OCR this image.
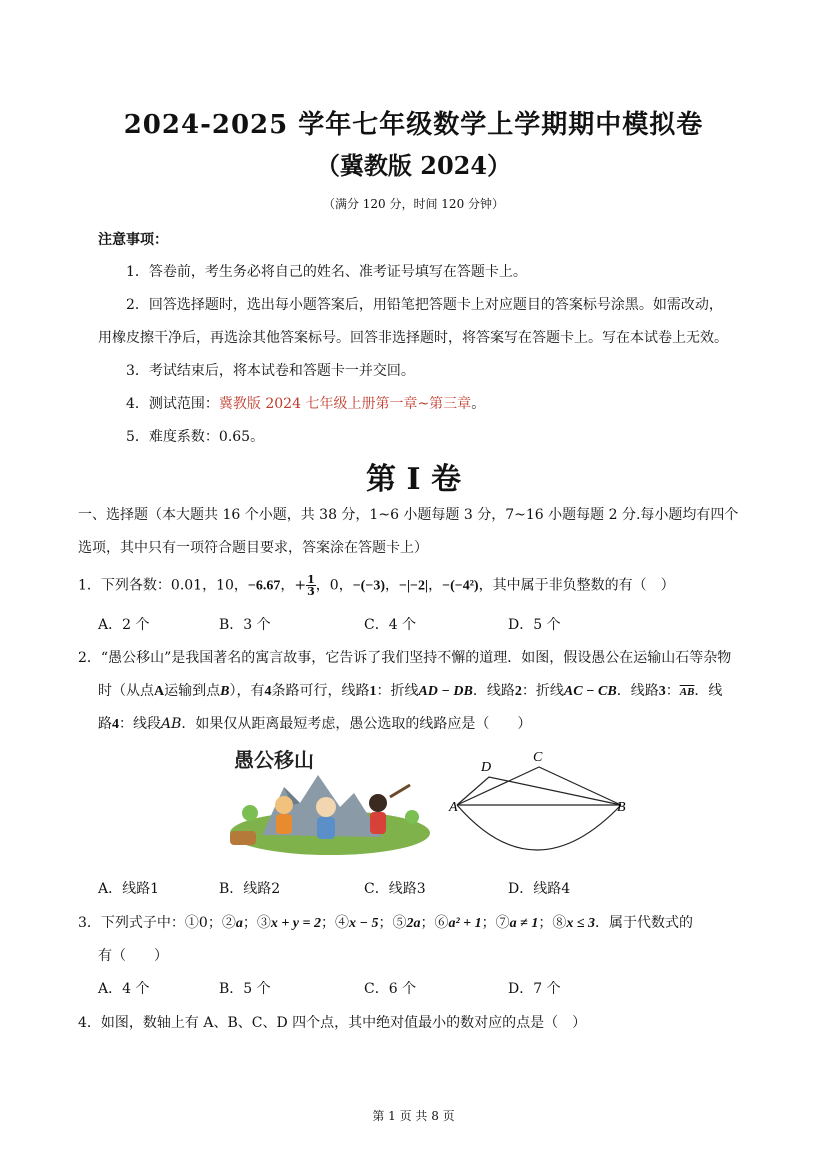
2024-2025 学年七年级数学上学期期中模拟卷
（冀教版 2024）
（满分 120 分，时间 120 分钟）
注意事项：
1．答卷前，考生务必将自己的姓名、准考证号填写在答题卡上。
2．回答选择题时，选出每小题答案后，用铅笔把答题卡上对应题目的答案标号涂黑。如需改动，
用橡皮擦干净后，再选涂其他答案标号。回答非选择题时，将答案写在答题卡上。写在本试卷上无效。
3．考试结束后，将本试卷和答题卡一并交回。
4．测试范围：冀教版 2024 七年级上册第一章~第三章。
5．难度系数：0.65。
第 I 卷
一、选择题（本大题共 16 个小题，共 38 分，1~6 小题每题 3 分，7~16 小题每题 2 分.每小题均有四个
选项，其中只有一项符合题目要求，答案涂在答题卡上）
1．下列各数：0.01，10，−6.67，+ $\frac{1}{3}$ ，0，−(−3)，−|−2|，−(−4²)，其中属于非负整数的有（　）
A．2 个	B．3 个	C．4 个	D．5 个
2．“愚公移山”是我国著名的寓言故事，它告诉了我们坚持不懈的道理．如图，假设愚公在运输山石等杂物
时（从点A运输到点B），有4条路可行，线路1：折线AD − DB．线路2：折线AC − CB．线路3：$\overline{AB}$．线
路4：线段AB．如果仅从距离最短考虑，愚公选取的线路应是（　　）
愚公移山
A	B
C
D
A．线路1	B．线路2	C．线路3	D．线路4
3．下列式子中：①0；②a；③x + y = 2；④x − 5；⑤2a；⑥a² + 1；⑦a ≠ 1；⑧x ≤ 3．属于代数式的
有（　　）
A．4 个	B．5 个	C．6 个	D．7 个
4．如图，数轴上有 A、B、C、D 四个点，其中绝对值最小的数对应的点是（　）
第 1 页 共 8 页
